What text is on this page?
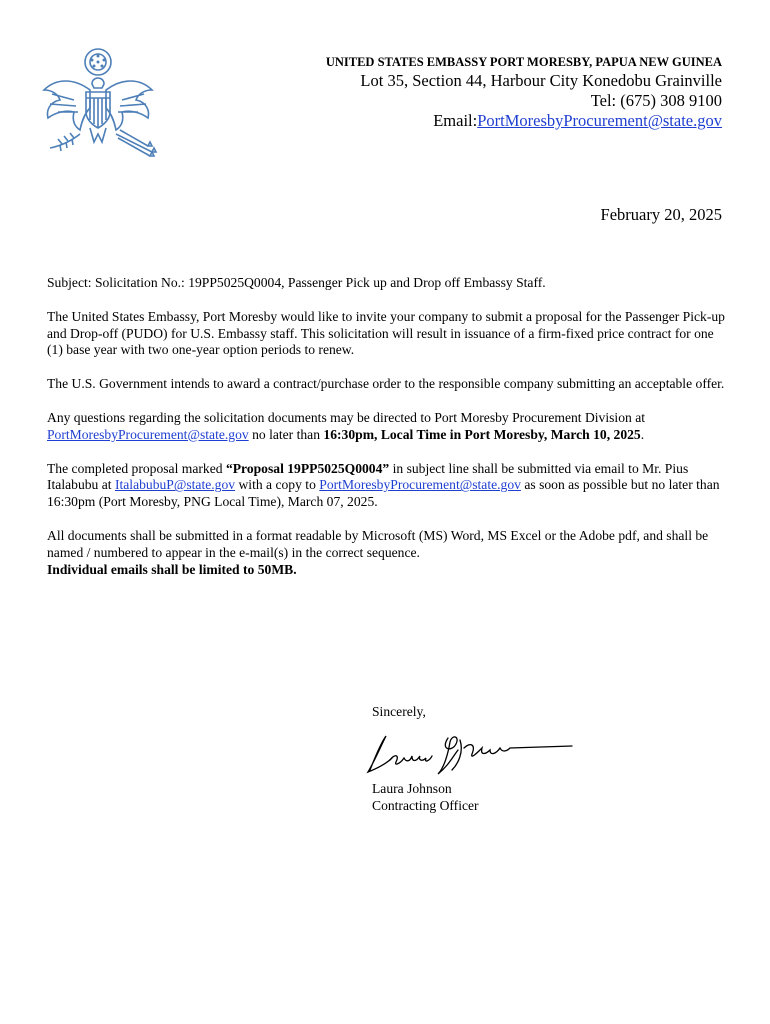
UNITED STATES EMBASSY PORT MORESBY, PAPUA NEW GUINEA
Lot 35, Section 44, Harbour City Konedobu Grainville
Tel: (675) 308 9100
Email:PortMoresbyProcurement@state.gov
February 20, 2025

Subject: Solicitation No.: 19PP5025Q0004, Passenger Pick up and Drop off Embassy Staff.

The United States Embassy, Port Moresby would like to invite your company to submit a proposal for the Passenger Pick-up and Drop-off (PUDO) for U.S. Embassy staff. This solicitation will result in issuance of a firm-fixed price contract for one (1) base year with two one-year option periods to renew.

The U.S. Government intends to award a contract/purchase order to the responsible company submitting an acceptable offer.

Any questions regarding the solicitation documents may be directed to Port Moresby Procurement Division at PortMoresbyProcurement@state.gov no later than 16:30pm, Local Time in Port Moresby, March 10, 2025.

The completed proposal marked “Proposal 19PP5025Q0004” in subject line shall be submitted via email to Mr. Pius Italabubu at ItalabubuP@state.gov with a copy to PortMoresbyProcurement@state.gov as soon as possible but no later than 16:30pm (Port Moresby, PNG Local Time), March 07, 2025.

All documents shall be submitted in a format readable by Microsoft (MS) Word, MS Excel or the Adobe pdf, and shall be named / numbered to appear in the e-mail(s) in the correct sequence.
Individual emails shall be limited to 50MB.

Sincerely,
Laura Johnson
Contracting Officer
